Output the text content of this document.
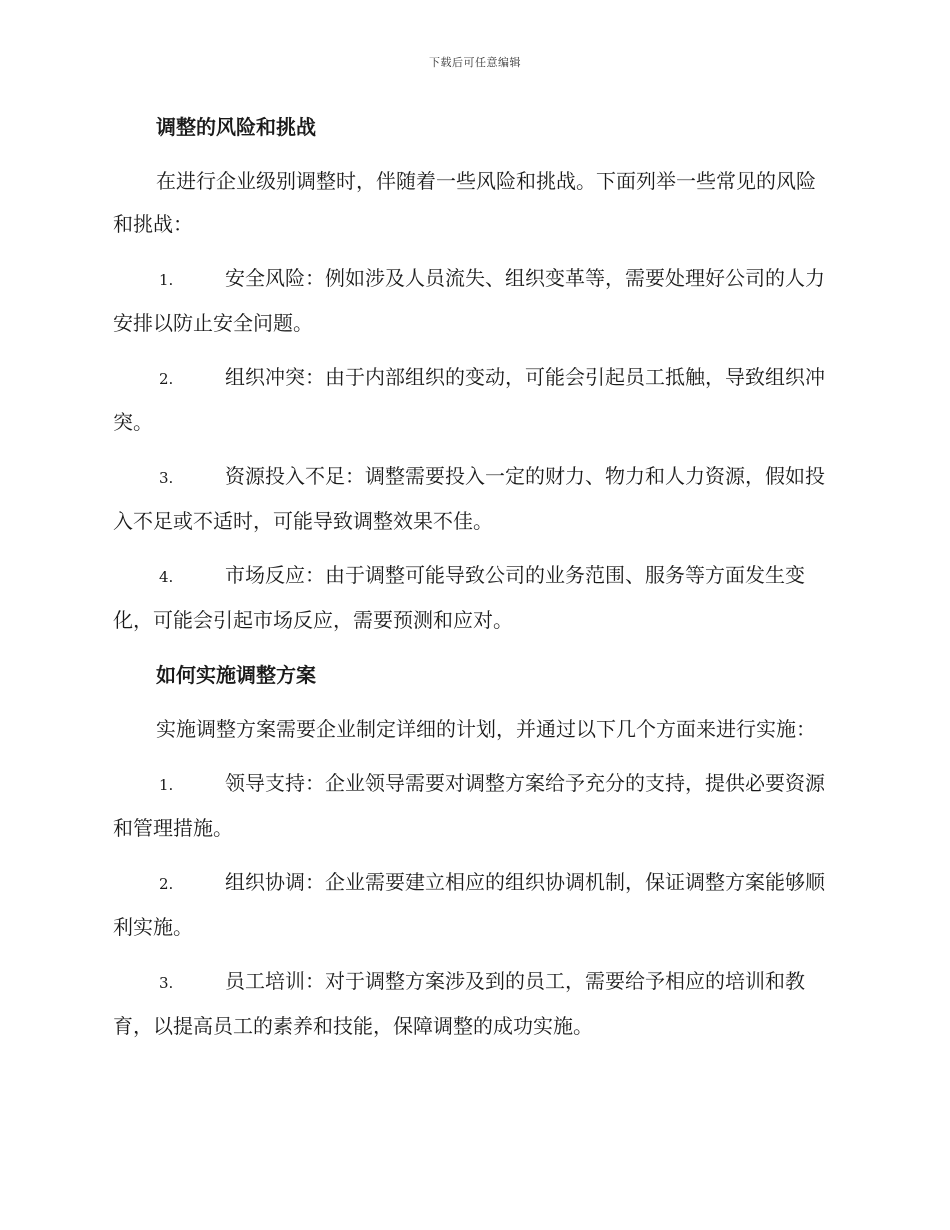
下载后可任意编辑
调整的风险和挑战

在进行企业级别调整时，伴随着一些风险和挑战。下面列举一些常见的风险和挑战：

1.	安全风险：例如涉及人员流失、组织变革等，需要处理好公司的人力安排以防止安全问题。

2.	组织冲突：由于内部组织的变动，可能会引起员工抵触，导致组织冲突。

3.	资源投入不足：调整需要投入一定的财力、物力和人力资源，假如投入不足或不适时，可能导致调整效果不佳。

4.	市场反应：由于调整可能导致公司的业务范围、服务等方面发生变化，可能会引起市场反应，需要预测和应对。

如何实施调整方案

实施调整方案需要企业制定详细的计划，并通过以下几个方面来进行实施：

1.	领导支持：企业领导需要对调整方案给予充分的支持，提供必要资源和管理措施。

2.	组织协调：企业需要建立相应的组织协调机制，保证调整方案能够顺利实施。

3.	员工培训：对于调整方案涉及到的员工，需要给予相应的培训和教育，以提高员工的素养和技能，保障调整的成功实施。
